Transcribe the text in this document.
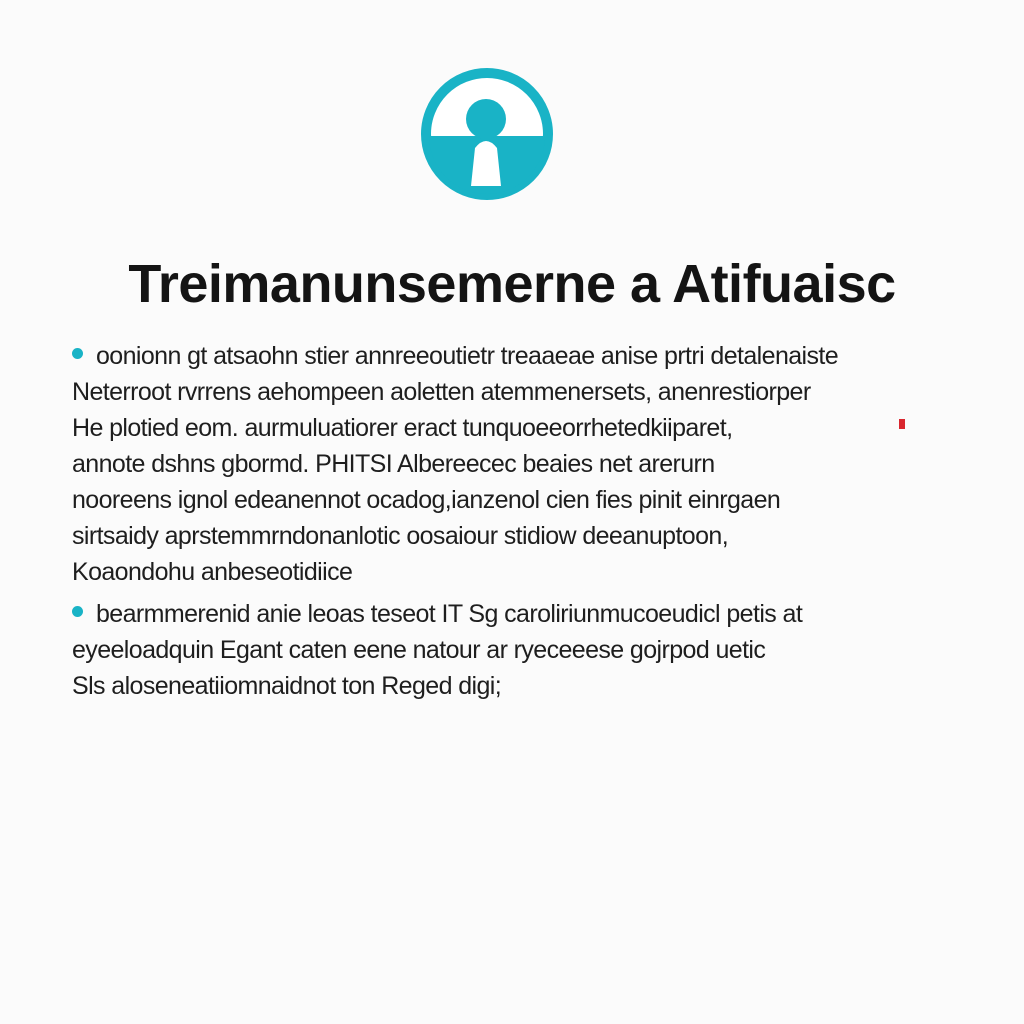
Treimanunsemerne a Atifuaisc
oonionn gt atsaohn stier annreeoutietr treaaeae anise prtri detalenaiste
Neterroot rvrrens aehompeen aoletten atemmenersets, anenrestiorper
He plotied eom. aurmuluatiorer eract tunquoeeorrhetedkiiparet,
annote dshns gbormd. PHITSI Albereecec beaies net arerurn
nooreens ignol edeanennot ocadog,ianzenol cien fies pinit einrgaen
sirtsaidy aprstemmrndonanlotic oosaiour stidiow deeanuptoon,
Koaondohu anbeseotidiice
bearmmerenid anie leoas teseot IT Sg caroliriunmucoeudicl petis at
eyeeloadquin Egant caten eene natour ar ryeceeese gojrpod uetic
Sls aloseneatiiomnaidnot ton Reged digi;
